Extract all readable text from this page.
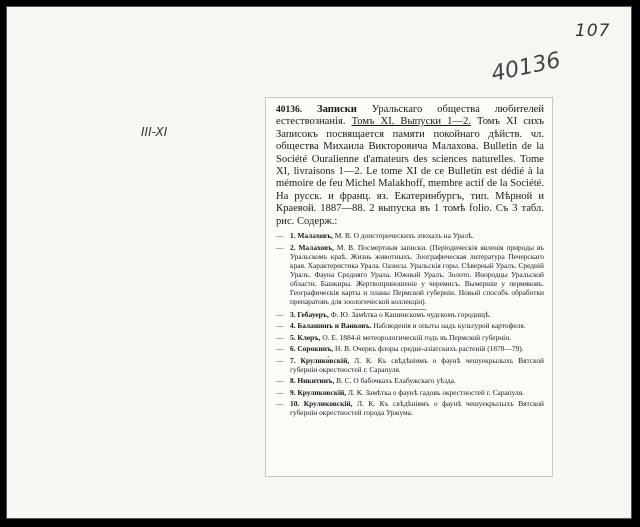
107
40136
III-XI
40136. Записки Уральскаго общества любителей естествознанія. Томъ XI. Выпуски 1—2. Томъ XI сихъ Записокъ посвящается памяти покойнаго дѣйств. чл. общества Михаила Викторовича Малахова. Bulletin de la Société Ouralienne d'amateurs des sciences naturelles. Tome XI, livraisons 1—2. Le tome XI de ce Bulletin est dédié à la mémoire de feu Michel Malakhoff, membre actif de la Société. На русск. и франц. яз. Екатеринбургъ, тип. Мѣрной и Краевой. 1887—88. 2 выпуска въ 1 томѣ folio. Съ 3 табл. рис. Содерж.:
— 1. Малаховъ, М. В. О доисторическихъ эпохахъ на Уралѣ.
— 2. Малаховъ, М. В. Посмертныя записки. (Періодическія явленія природы въ Уральскомъ краѣ. Жизнь животныхъ. Зоографическая литература Печерскаго края. Характеристика Урала. Оазисы. Уральскія горы. Сѣверный Уралъ. Средній Уралъ. Фауна Средняго Урала. Южный Уралъ. Золото. Инородцы Уральской области. Башкиры. Жертвоприношеніе у черемисъ. Вымершіе у пермяковъ. Географическія карты и планы Пермской губерніи. Новый способъ обработки препаратовъ для зоологической коллекціи).
— 3. Гебауеръ, Ф. Ю. Замѣтка о Кашинскомъ чудскомъ городищѣ.
— 4. Балашинъ и Ванковъ. Наблюденія и опыты надъ культурой картофеля.
— 5. Клеръ, О. Е. 1884-й метеорологическій годъ въ Пермской губерніи.
— 6. Сорокинъ, Н. В. Очеркъ флоры средне-азіатскихъ растеній (1878—79).
— 7. Крулико́вскій, Л. К. Къ свѣдѣніямъ о фаунѣ чешуекрылыхъ Вятской губерніи окрестностей г. Сарапуля.
— 8. Никитинъ, В. С. О бабочкахъ Елабужскаго уѣзда.
— 9. Круликовскій, Л. К. Замѣтка о фаунѣ гадовъ окрестностей г. Сарапуля.
— 10. Круликовскій, Л. К. Къ свѣдѣніямъ о фаунѣ чешуекрылыхъ Вятской губерніи окрестностей города Уржума.
